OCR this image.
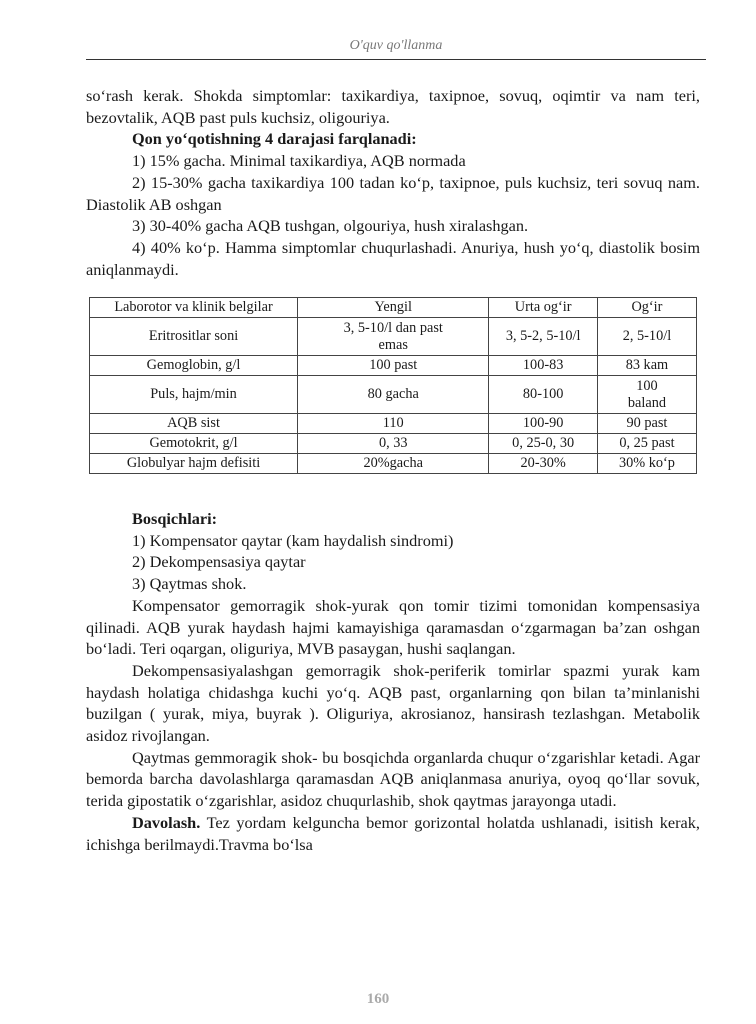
O'quv qo'llanma

so‘rash kerak. Shokda simptomlar: taxikardiya, taxipnoe, sovuq, oqimtir va nam teri, bezovtalik, AQB past puls kuchsiz, oligouriya.

Qon yo‘qotishning 4 darajasi farqlanadi:

1) 15% gacha. Minimal taxikardiya, AQB normada

2) 15-30% gacha taxikardiya 100 tadan ko‘p, taxipnoe, puls kuchsiz, teri sovuq nam. Diastolik AB oshgan

3) 30-40% gacha AQB tushgan, olgouriya, hush xiralashgan.

4) 40% ko‘p. Hamma simptomlar chuqurlashadi. Anuriya, hush yo‘q, diastolik bosim aniqlanmaydi.

Laborotor va klinik belgilar	Yengil	Urta og‘ir	Og‘ir
Eritrositlar soni	3, 5-10/l dan past emas	3, 5-2, 5-10/l	2, 5-10/l
Gemoglobin, g/l	100 past	100-83	83 kam
Puls, hajm/min	80 gacha	80-100	100 baland
AQB sist	110	100-90	90 past
Gemotokrit, g/l	0, 33	0, 25-0, 30	0, 25 past
Globulyar hajm defisiti	20%gacha	20-30%	30% ko‘p

Bosqichlari:

1) Kompensator qaytar (kam haydalish sindromi)

2) Dekompensasiya qaytar

3) Qaytmas shok.

Kompensator gemorragik shok-yurak qon tomir tizimi tomonidan kompensasiya qilinadi. AQB yurak haydash hajmi kamayishiga qaramasdan o‘zgarmagan ba’zan oshgan bo‘ladi. Teri oqargan, oliguriya, MVB pasaygan, hushi saqlangan.

Dekompensasiyalashgan gemorragik shok-periferik tomirlar spazmi yurak kam haydash holatiga chidashga kuchi yo‘q. AQB past, organlarning qon bilan ta’minlanishi buzilgan ( yurak, miya, buyrak ). Oliguriya, akrosianoz, hansirash tezlashgan. Metabolik asidoz rivojlangan.

Qaytmas gemmoragik shok- bu bosqichda organlarda chuqur o‘zgarishlar ketadi. Agar bemorda barcha davolashlarga qaramasdan AQB aniqlanmasa anuriya, oyoq qo‘llar sovuk, terida gipostatik o‘zgarishlar, asidoz chuqurlashib, shok qaytmas jarayonga utadi.

Davolash. Tez yordam kelguncha bemor gorizontal holatda ushlanadi, isitish kerak, ichishga berilmaydi.Travma bo‘lsa

160
